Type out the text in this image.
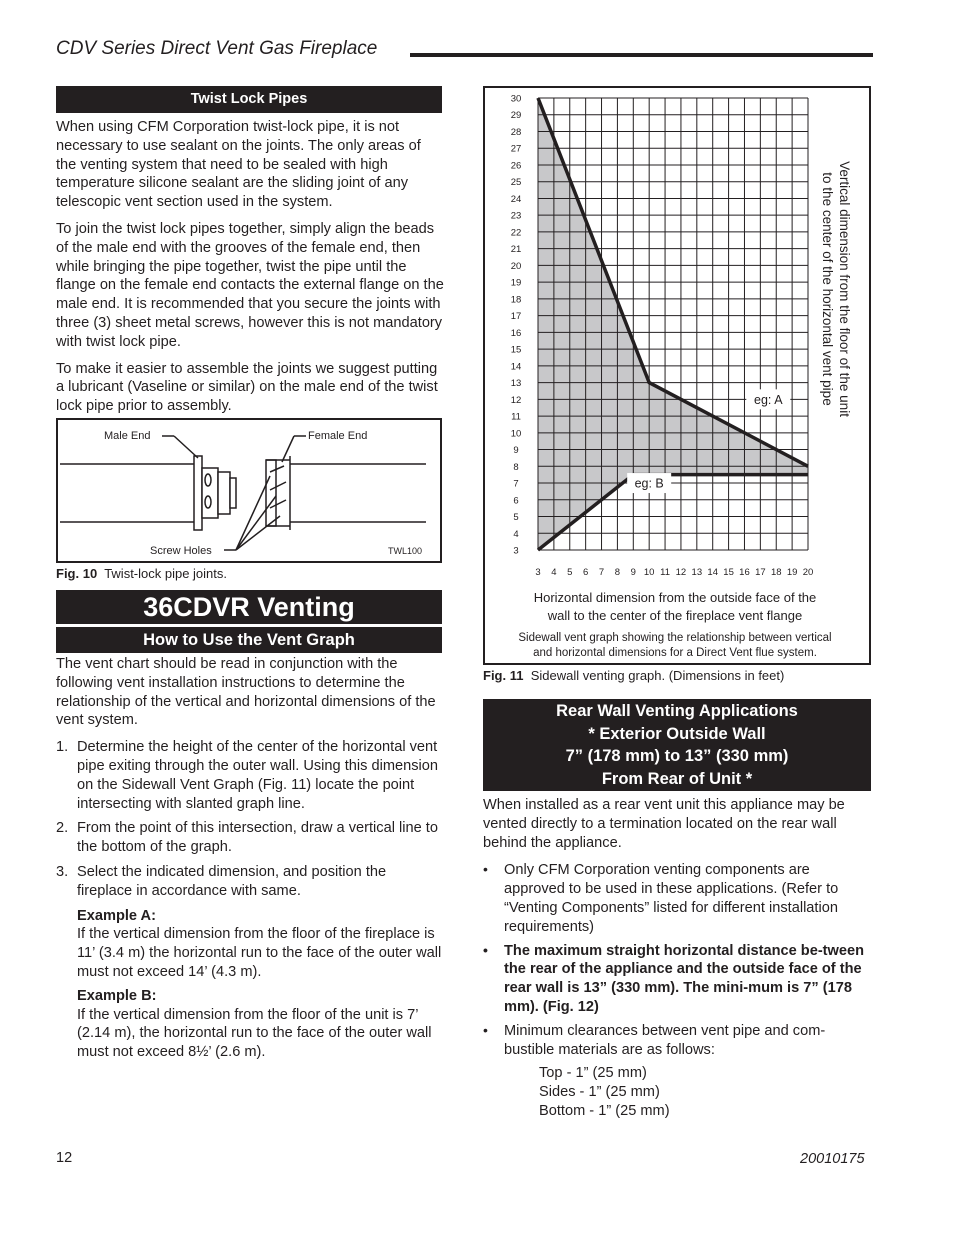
CDV Series Direct Vent Gas Fireplace
Twist Lock Pipes

When using CFM Corporation twist-lock pipe, it is not necessary to use sealant on the joints. The only areas of the venting system that need to be sealed with high temperature silicone sealant are the sliding joint of any telescopic vent section used in the system.

To join the twist lock pipes together, simply align the beads of the male end with the grooves of the female end, then while bringing the pipe together, twist the pipe until the flange on the female end contacts the external flange on the male end. It is recommended that you secure the joints with three (3) sheet metal screws, however this is not mandatory with twist lock pipe.

To make it easier to assemble the joints we suggest putting a lubricant (Vaseline or similar) on the male end of the twist lock pipe prior to assembly.

Male End	Female End
Screw Holes	TWL100
Fig. 10 Twist-lock pipe joints.
36CDVR Venting
How to Use the Vent Graph

The vent chart should be read in conjunction with the following vent installation instructions to determine the relationship of the vertical and horizontal dimensions of the vent system.

1. Determine the height of the center of the horizontal vent pipe exiting through the outer wall. Using this dimension on the Sidewall Vent Graph (Fig. 11) locate the point intersecting with slanted graph line.
2. From the point of this intersection, draw a vertical line to the bottom of the graph.
3. Select the indicated dimension, and position the fireplace in accordance with same.
Example A:
If the vertical dimension from the floor of the fireplace is 11’ (3.4 m) the horizontal run to the face of the outer wall must not exceed 14’ (4.3 m).
Example B:
If the vertical dimension from the floor of the unit is 7’ (2.14 m), the horizontal run to the face of the outer wall must not exceed 8½’ (2.6 m).
30
29
28
27
26
25
24
23
22
21
20
19
18
17
16
15
14
13
12
11
10
9
8
7
6
5
4
3
3 4 5 6 7 8 9 10 11 12 13 14 15 16 17 18 19 20
eg: A
eg: B
Vertical dimension from the floor of the unitto the center of the horizontal vent pipe
Horizontal dimension from the outside face of the
wall to the center of the fireplace vent flange
Sidewall vent graph showing the relationship between vertical
and horizontal dimensions for a Direct Vent flue system.
Fig. 11 Sidewall venting graph. (Dimensions in feet)
Rear Wall Venting Applications
* Exterior Outside Wall
7” (178 mm) to 13” (330 mm)
From Rear of Unit *

When installed as a rear vent unit this appliance may be vented directly to a termination located on the rear wall behind the appliance.

• Only CFM Corporation venting components are approved to be used in these applications. (Refer to “Venting Components” listed for different installation requirements)
• The maximum straight horizontal distance be-tween the rear of the appliance and the outside face of the rear wall is 13” (330 mm). The mini-mum is 7” (178 mm). (Fig. 12)
• Minimum clearances between vent pipe and com-bustible materials are as follows:
Top - 1” (25 mm)
Sides - 1” (25 mm)
Bottom - 1” (25 mm)
12	20010175
